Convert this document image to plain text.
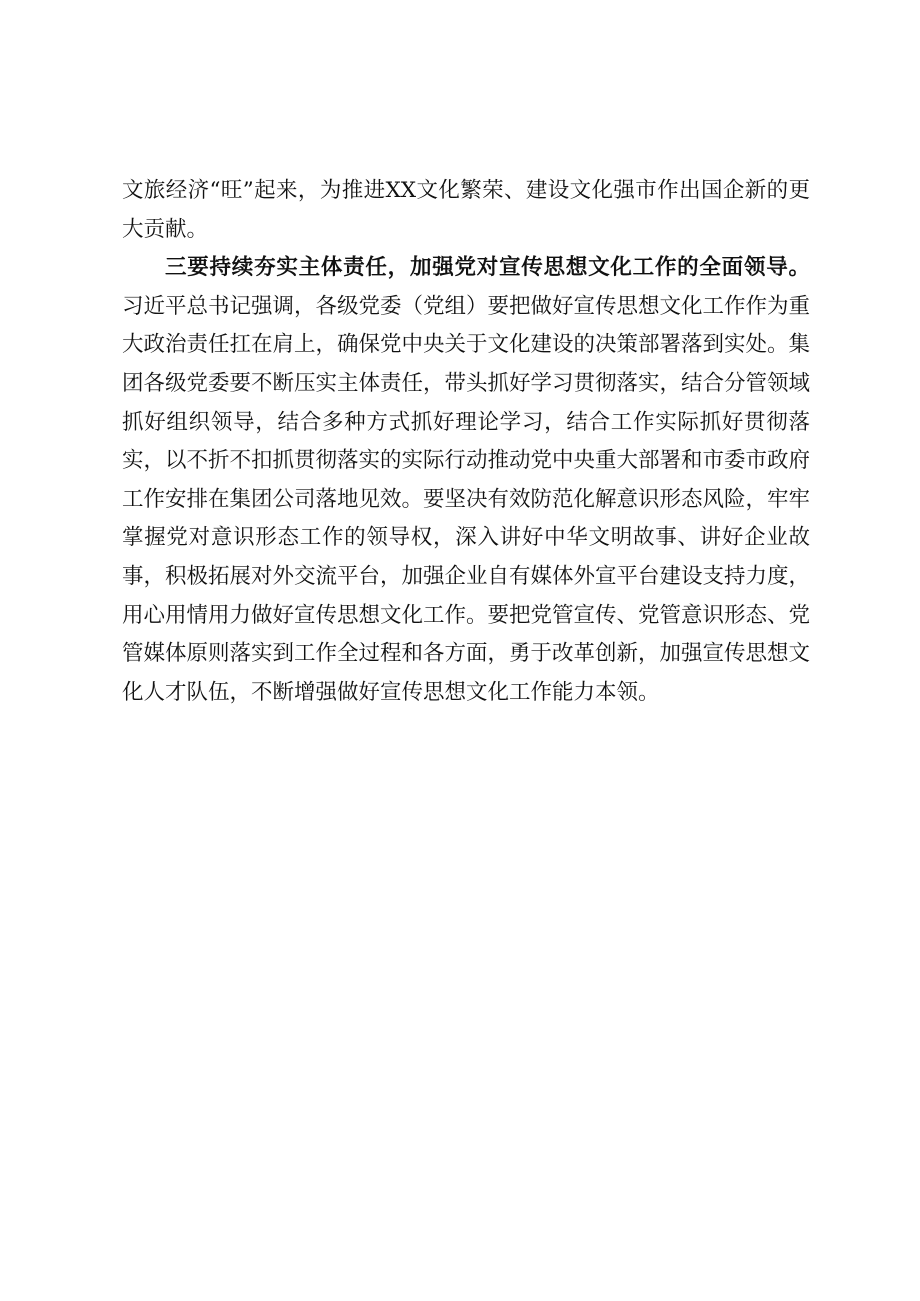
文旅经济“旺”起来，为推进XX文化繁荣、建设文化强市作出国企新的更大贡献。

三要持续夯实主体责任，加强党对宣传思想文化工作的全面领导。习近平总书记强调，各级党委（党组）要把做好宣传思想文化工作作为重大政治责任扛在肩上，确保党中央关于文化建设的决策部署落到实处。集团各级党委要不断压实主体责任，带头抓好学习贯彻落实，结合分管领域抓好组织领导，结合多种方式抓好理论学习，结合工作实际抓好贯彻落实，以不折不扣抓贯彻落实的实际行动推动党中央重大部署和市委市政府工作安排在集团公司落地见效。要坚决有效防范化解意识形态风险，牢牢掌握党对意识形态工作的领导权，深入讲好中华文明故事、讲好企业故事，积极拓展对外交流平台，加强企业自有媒体外宣平台建设支持力度，用心用情用力做好宣传思想文化工作。要把党管宣传、党管意识形态、党管媒体原则落实到工作全过程和各方面，勇于改革创新，加强宣传思想文化人才队伍，不断增强做好宣传思想文化工作能力本领。
